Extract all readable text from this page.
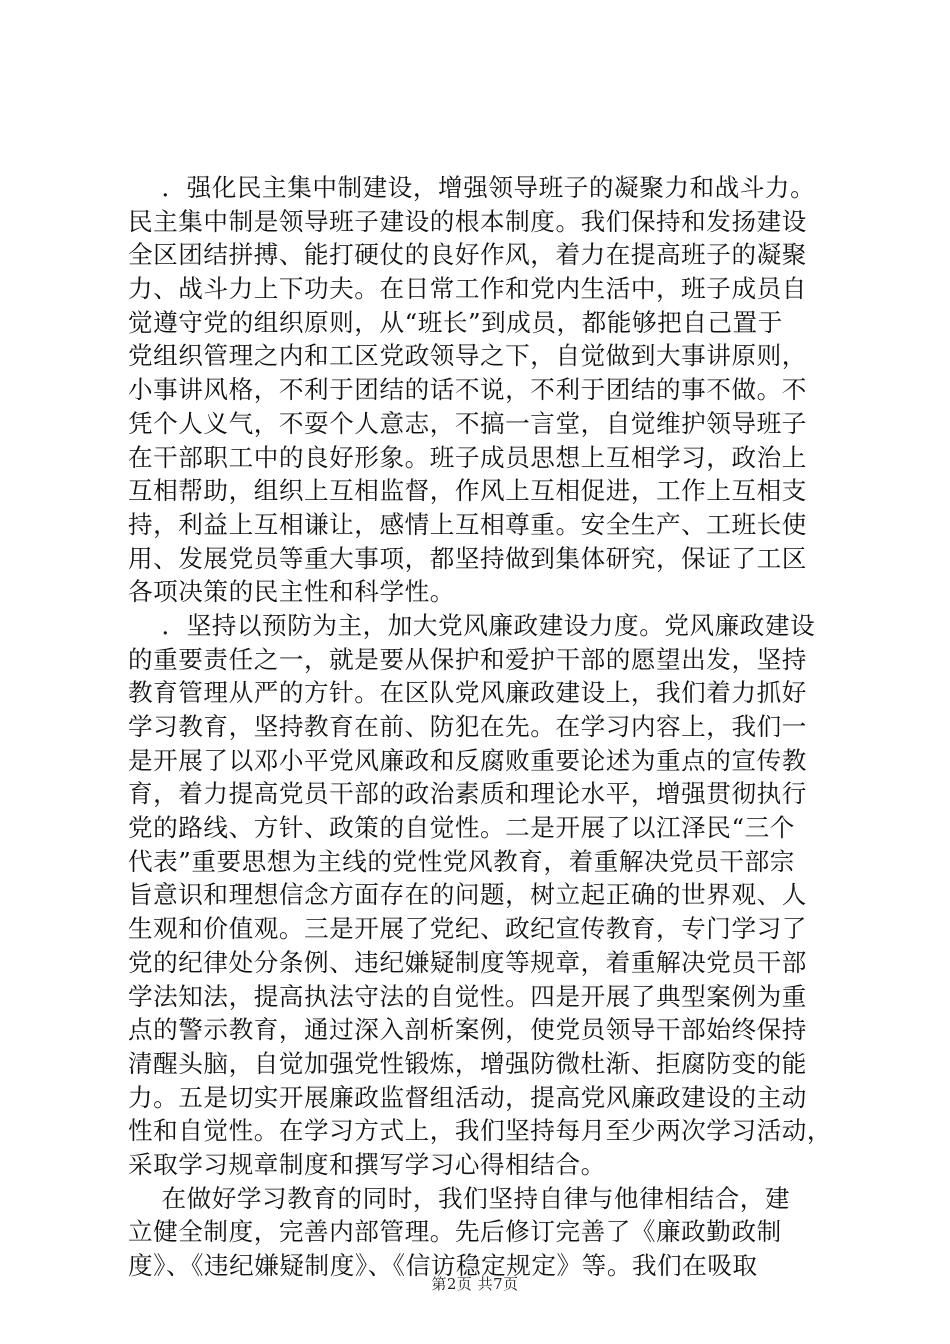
．强化民主集中制建设，增强领导班子的凝聚力和战斗力。
民主集中制是领导班子建设的根本制度。我们保持和发扬建设
全区团结拼搏、能打硬仗的良好作风，着力在提高班子的凝聚
力、战斗力上下功夫。在日常工作和党内生活中，班子成员自
觉遵守党的组织原则，从“班长”到成员，都能够把自己置于
党组织管理之内和工区党政领导之下，自觉做到大事讲原则，
小事讲风格，不利于团结的话不说，不利于团结的事不做。不
凭个人义气，不耍个人意志，不搞一言堂，自觉维护领导班子
在干部职工中的良好形象。班子成员思想上互相学习，政治上
互相帮助，组织上互相监督，作风上互相促进，工作上互相支
持，利益上互相谦让，感情上互相尊重。安全生产、工班长使
用、发展党员等重大事项，都坚持做到集体研究，保证了工区
各项决策的民主性和科学性。
．坚持以预防为主，加大党风廉政建设力度。党风廉政建设
的重要责任之一，就是要从保护和爱护干部的愿望出发，坚持
教育管理从严的方针。在区队党风廉政建设上，我们着力抓好
学习教育，坚持教育在前、防犯在先。在学习内容上，我们一
是开展了以邓小平党风廉政和反腐败重要论述为重点的宣传教
育，着力提高党员干部的政治素质和理论水平，增强贯彻执行
党的路线、方针、政策的自觉性。二是开展了以江泽民“三个
代表”重要思想为主线的党性党风教育，着重解决党员干部宗
旨意识和理想信念方面存在的问题，树立起正确的世界观、人
生观和价值观。三是开展了党纪、政纪宣传教育，专门学习了
党的纪律处分条例、违纪嫌疑制度等规章，着重解决党员干部
学法知法，提高执法守法的自觉性。四是开展了典型案例为重
点的警示教育，通过深入剖析案例，使党员领导干部始终保持
清醒头脑，自觉加强党性锻炼，增强防微杜渐、拒腐防变的能
力。五是切实开展廉政监督组活动，提高党风廉政建设的主动
性和自觉性。在学习方式上，我们坚持每月至少两次学习活动，
采取学习规章制度和撰写学习心得相结合。
在做好学习教育的同时，我们坚持自律与他律相结合，建
立健全制度，完善内部管理。先后修订完善了《廉政勤政制
度》、《违纪嫌疑制度》、《信访稳定规定》等。我们在吸取
第2页 共7页
